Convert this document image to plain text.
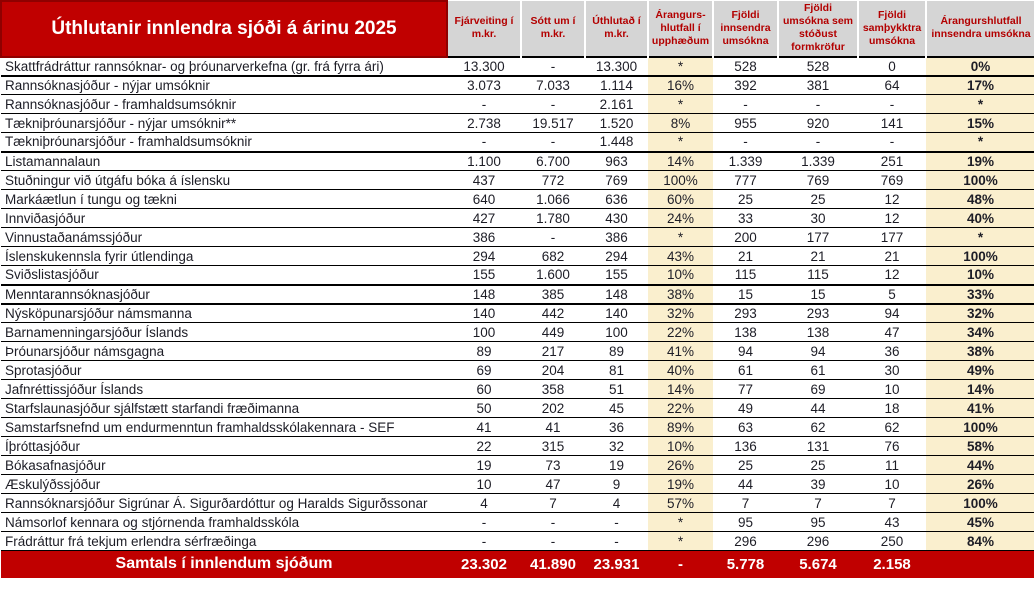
Úthlutanir innlendra sjóði á árinu 2025	Fjárveiting í m.kr.	Sótt um í m.kr.	Úthlutað í m.kr.	Árangurs- hlutfall í upphæðum	Fjöldi innsendra umsókna	Fjöldi umsókna sem stóðust formkröfur	Fjöldi samþykktra umsókna	Árangurshlutfall innsendra umsókna
Skattfrádráttur rannsóknar- og þróunarverkefna (gr. frá fyrra ári)	13.300	-	13.300	*	528	528	0	0%
Rannsóknasjóður - nýjar umsóknir	3.073	7.033	1.114	16%	392	381	64	17%
Rannsóknasjóður - framhaldsumsóknir	-	-	2.161	*	-	-	-	*
Tækniþróunarsjóður - nýjar umsóknir**	2.738	19.517	1.520	8%	955	920	141	15%
Tækniþróunarsjóður - framhaldsumsóknir	-	-	1.448	*	-	-	-	*
Listamannalaun	1.100	6.700	963	14%	1.339	1.339	251	19%
Stuðningur við útgáfu bóka á íslensku	437	772	769	100%	777	769	769	100%
Markáætlun í tungu og tækni	640	1.066	636	60%	25	25	12	48%
Innviðasjóður	427	1.780	430	24%	33	30	12	40%
Vinnustaðanámssjóður	386	-	386	*	200	177	177	*
Íslenskukennsla fyrir útlendinga	294	682	294	43%	21	21	21	100%
Sviðslistasjóður	155	1.600	155	10%	115	115	12	10%
Menntarannsóknasjóður	148	385	148	38%	15	15	5	33%
Nýsköpunarsjóður námsmanna	140	442	140	32%	293	293	94	32%
Barnamenningarsjóður Íslands	100	449	100	22%	138	138	47	34%
Þróunarsjóður námsgagna	89	217	89	41%	94	94	36	38%
Sprotasjóður	69	204	81	40%	61	61	30	49%
Jafnréttissjóður Íslands	60	358	51	14%	77	69	10	14%
Starfslaunasjóður sjálfstætt starfandi fræðimanna	50	202	45	22%	49	44	18	41%
Samstarfsnefnd um endurmenntun framhaldsskólakennara - SEF	41	41	36	89%	63	62	62	100%
Íþróttasjóður	22	315	32	10%	136	131	76	58%
Bókasafnasjóður	19	73	19	26%	25	25	11	44%
Æskulýðssjóður	10	47	9	19%	44	39	10	26%
Rannsóknarsjóður Sigrúnar Á. Sigurðardóttur og Haralds Sigurðssonar	4	7	4	57%	7	7	7	100%
Námsorlof kennara og stjórnenda framhaldsskóla	-	-	-	*	95	95	43	45%
Frádráttur frá tekjum erlendra sérfræðinga	-	-	-	*	296	296	250	84%
Samtals í innlendum sjóðum	23.302	41.890	23.931	-	5.778	5.674	2.158	
